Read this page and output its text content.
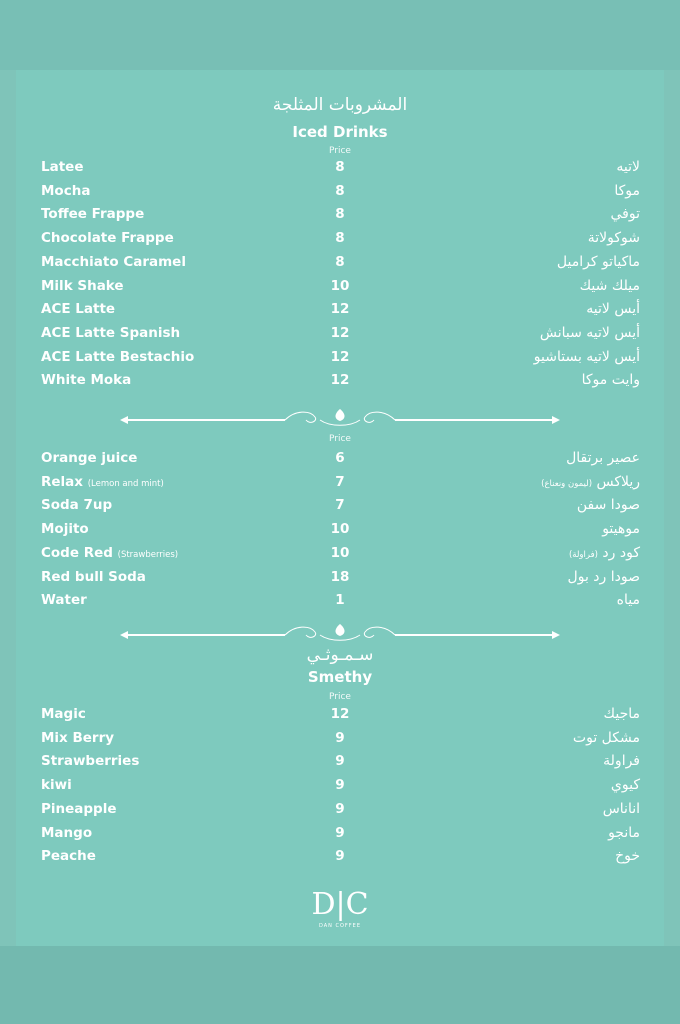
المشروبات المثلجة
Iced Drinks
Price
Latee	8	لاتيه
Mocha	8	موكا
Toffee Frappe	8	توفي
Chocolate Frappe	8	شوكولاتة
Macchiato Caramel	8	ماكياتو كراميل
Milk Shake	10	ميلك شيك
ACE Latte	12	أيس لاتيه
ACE Latte Spanish	12	أيس لاتيه سبانش
ACE Latte Bestachio	12	أيس لاتيه بستاشيو
White Moka	12	وايت موكا
Price
Orange juice	6	عصير برتقال
Relax (Lemon and mint)	7	ريلاكس (ليمون ونعناع)
Soda 7up	7	صودا سفن
Mojito	10	موهيتو
Code Red (Strawberries)	10	كود رد (فراولة)
Red bull Soda	18	صودا رد بول
Water	1	مياه
سـمـوثـي
Smethy
Price
Magic	12	ماجيك
Mix Berry	9	مشكل توت
Strawberries	9	فراولة
kiwi	9	كيوي
Pineapple	9	اناناس
Mango	9	مانجو
Peache	9	خوخ
D|C
DAN COFFEE
